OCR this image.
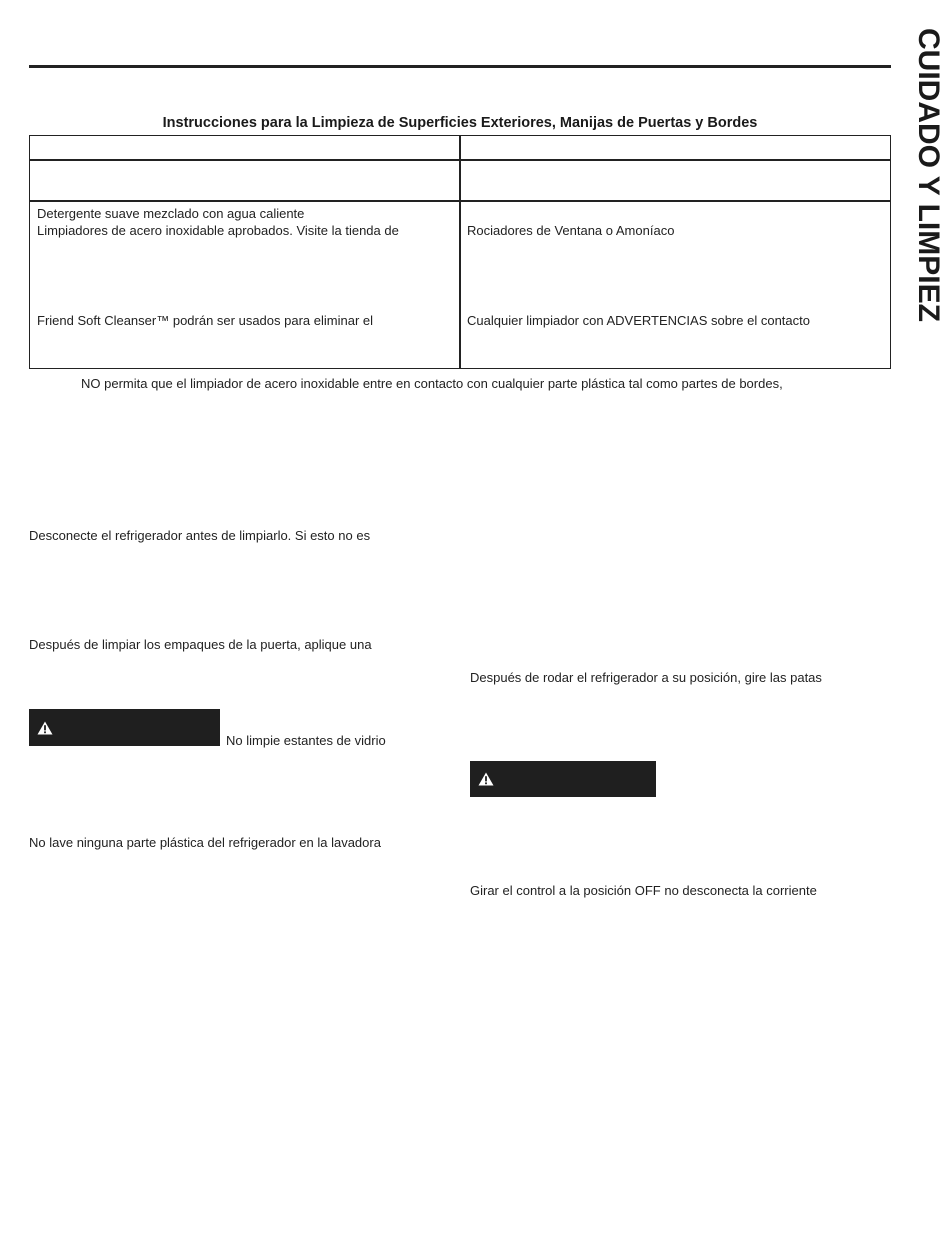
CUIDADO Y LIMPIEZ
Instrucciones para la Limpieza de Superficies Exteriores, Manijas de Puertas y Bordes
Detergente suave mezclado con agua caliente
Limpiadores de acero inoxidable aprobados. Visite la tienda de
Friend Soft Cleanser™ podrán ser usados para eliminar el
Rociadores de Ventana o Amoníaco
Cualquier limpiador con ADVERTENCIAS sobre el contacto
NO permita que el limpiador de acero inoxidable entre en contacto con cualquier parte plástica tal como partes de bordes,
Desconecte el refrigerador antes de limpiarlo. Si esto no es
Después de limpiar los empaques de la puerta, aplique una
No limpie estantes de vidrio
No lave ninguna parte plástica del refrigerador en la lavadora
Después de rodar el refrigerador a su posición, gire las patas
Girar el control a la posición OFF no desconecta la corriente
